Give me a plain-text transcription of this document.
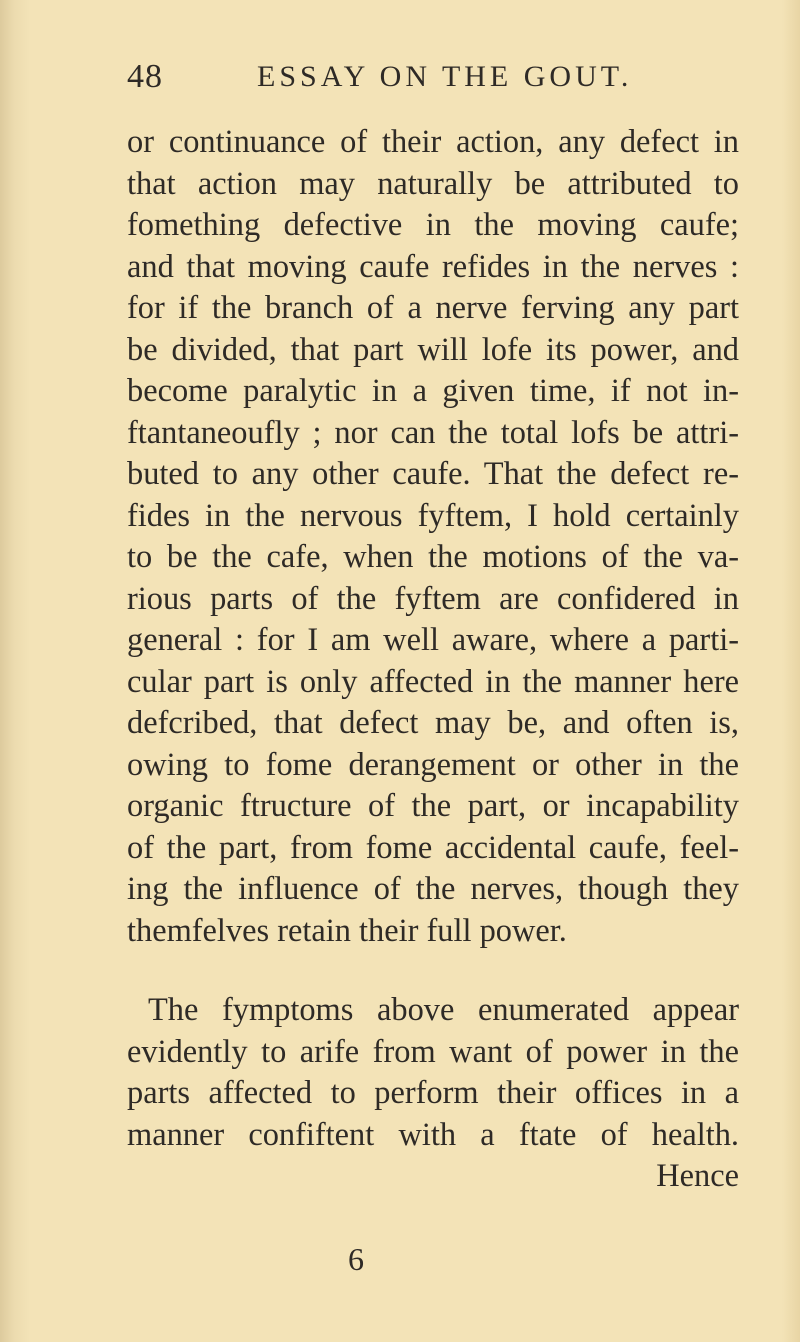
48	ESSAY ON THE GOUT.
or continuance of their action, any defect in
that action may naturally be attributed to
fomething defective in the moving caufe;
and that moving caufe refides in the nerves :
for if the branch of a nerve ferving any part
be divided, that part will lofe its power, and
become paralytic in a given time, if not in-
ftantaneoufly ; nor can the total lofs be attri-
buted to any other caufe. That the defect re-
fides in the nervous fyftem, I hold certainly
to be the cafe, when the motions of the va-
rious parts of the fyftem are confidered in
general : for I am well aware, where a parti-
cular part is only affected in the manner here
defcribed, that defect may be, and often is,
owing to fome derangement or other in the
organic ftructure of the part, or incapability
of the part, from fome accidental caufe, feel-
ing the influence of the nerves, though they
themfelves retain their full power.
The fymptoms above enumerated appear
evidently to arife from want of power in the
parts affected to perform their offices in a
manner confiftent with a ftate of health.
Hence
6
